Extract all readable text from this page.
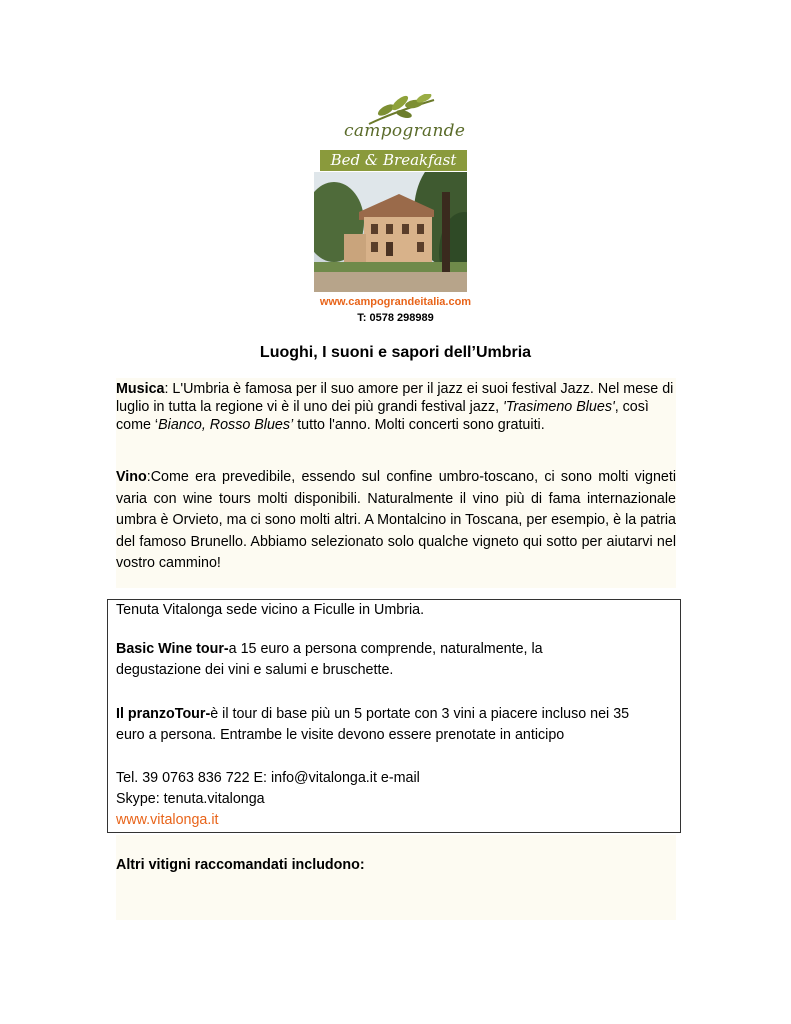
campogrande
Bed & Breakfast
www.campograndeitalia.com
T: 0578 298989
Luoghi, I suoni e sapori dell’Umbria
Musica: L'Umbria è famosa per il suo amore per il jazz ei suoi festival Jazz. Nel mese di luglio in tutta la regione vi è il uno dei più grandi festival jazz, 'Trasimeno Blues', così come ‘Bianco, Rosso Blues’ tutto l'anno. Molti concerti sono gratuiti.
Vino:Come era prevedibile, essendo sul confine umbro-toscano, ci sono molti vigneti varia con wine tours molti disponibili. Naturalmente il vino più di fama internazionale umbra è Orvieto, ma ci sono molti altri. A Montalcino in Toscana, per esempio, è la patria del famoso Brunello. Abbiamo selezionato solo qualche vigneto qui sotto per aiutarvi nel vostro cammino!
Tenuta Vitalonga sede vicino a Ficulle in Umbria.
Basic Wine tour-a 15 euro a persona comprende, naturalmente, la
degustazione dei vini e salumi e bruschette.
Il pranzoTour-è il tour di base più un 5 portate con 3 vini a piacere incluso nei 35
euro a persona. Entrambe le visite devono essere prenotate in anticipo
Tel. 39 0763 836 722 E: info@vitalonga.it e-mail
Skype: tenuta.vitalonga
www.vitalonga.it
Altri vitigni raccomandati includono:
